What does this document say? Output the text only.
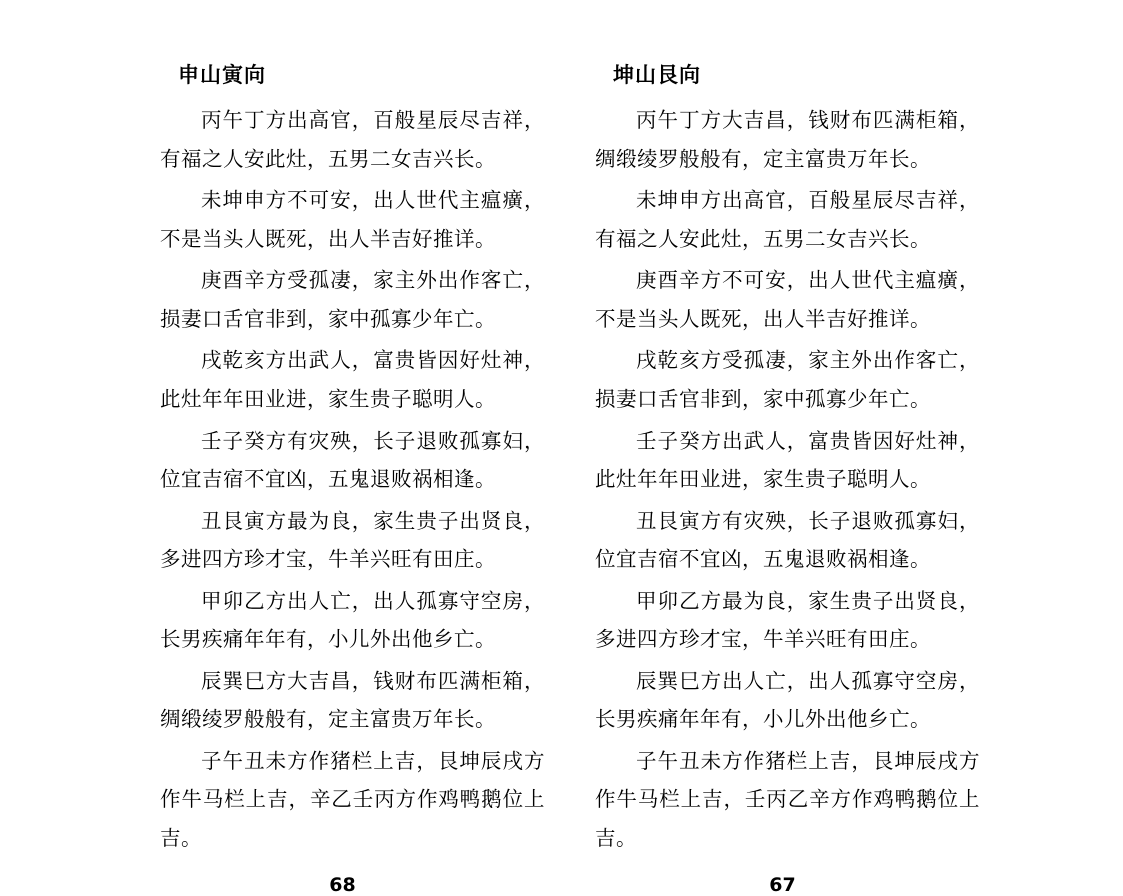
申山寅向

丙午丁方出高官，百般星辰尽吉祥，有福之人安此灶，五男二女吉兴长。

未坤申方不可安，出人世代主瘟癀，不是当头人既死，出人半吉好推详。

庚酉辛方受孤凄，家主外出作客亡，损妻口舌官非到，家中孤寡少年亡。

戌乾亥方出武人，富贵皆因好灶神，此灶年年田业进，家生贵子聪明人。

壬子癸方有灾殃，长子退败孤寡妇，位宜吉宿不宜凶，五鬼退败祸相逢。

丑艮寅方最为良，家生贵子出贤良，多进四方珍才宝，牛羊兴旺有田庄。

甲卯乙方出人亡，出人孤寡守空房，长男疾痛年年有，小儿外出他乡亡。

辰巽巳方大吉昌，钱财布匹满柜箱，绸缎绫罗般般有，定主富贵万年长。

子午丑未方作猪栏上吉，艮坤辰戌方作牛马栏上吉，辛乙壬丙方作鸡鸭鹅位上吉。

68
坤山艮向

丙午丁方大吉昌，钱财布匹满柜箱，绸缎绫罗般般有，定主富贵万年长。

未坤申方出高官，百般星辰尽吉祥，有福之人安此灶，五男二女吉兴长。

庚酉辛方不可安，出人世代主瘟癀，不是当头人既死，出人半吉好推详。

戌乾亥方受孤凄，家主外出作客亡，损妻口舌官非到，家中孤寡少年亡。

壬子癸方出武人，富贵皆因好灶神，此灶年年田业进，家生贵子聪明人。

丑艮寅方有灾殃，长子退败孤寡妇，位宜吉宿不宜凶，五鬼退败祸相逢。

甲卯乙方最为良，家生贵子出贤良，多进四方珍才宝，牛羊兴旺有田庄。

辰巽巳方出人亡，出人孤寡守空房，长男疾痛年年有，小儿外出他乡亡。

子午丑未方作猪栏上吉，艮坤辰戌方作牛马栏上吉，壬丙乙辛方作鸡鸭鹅位上吉。

67
